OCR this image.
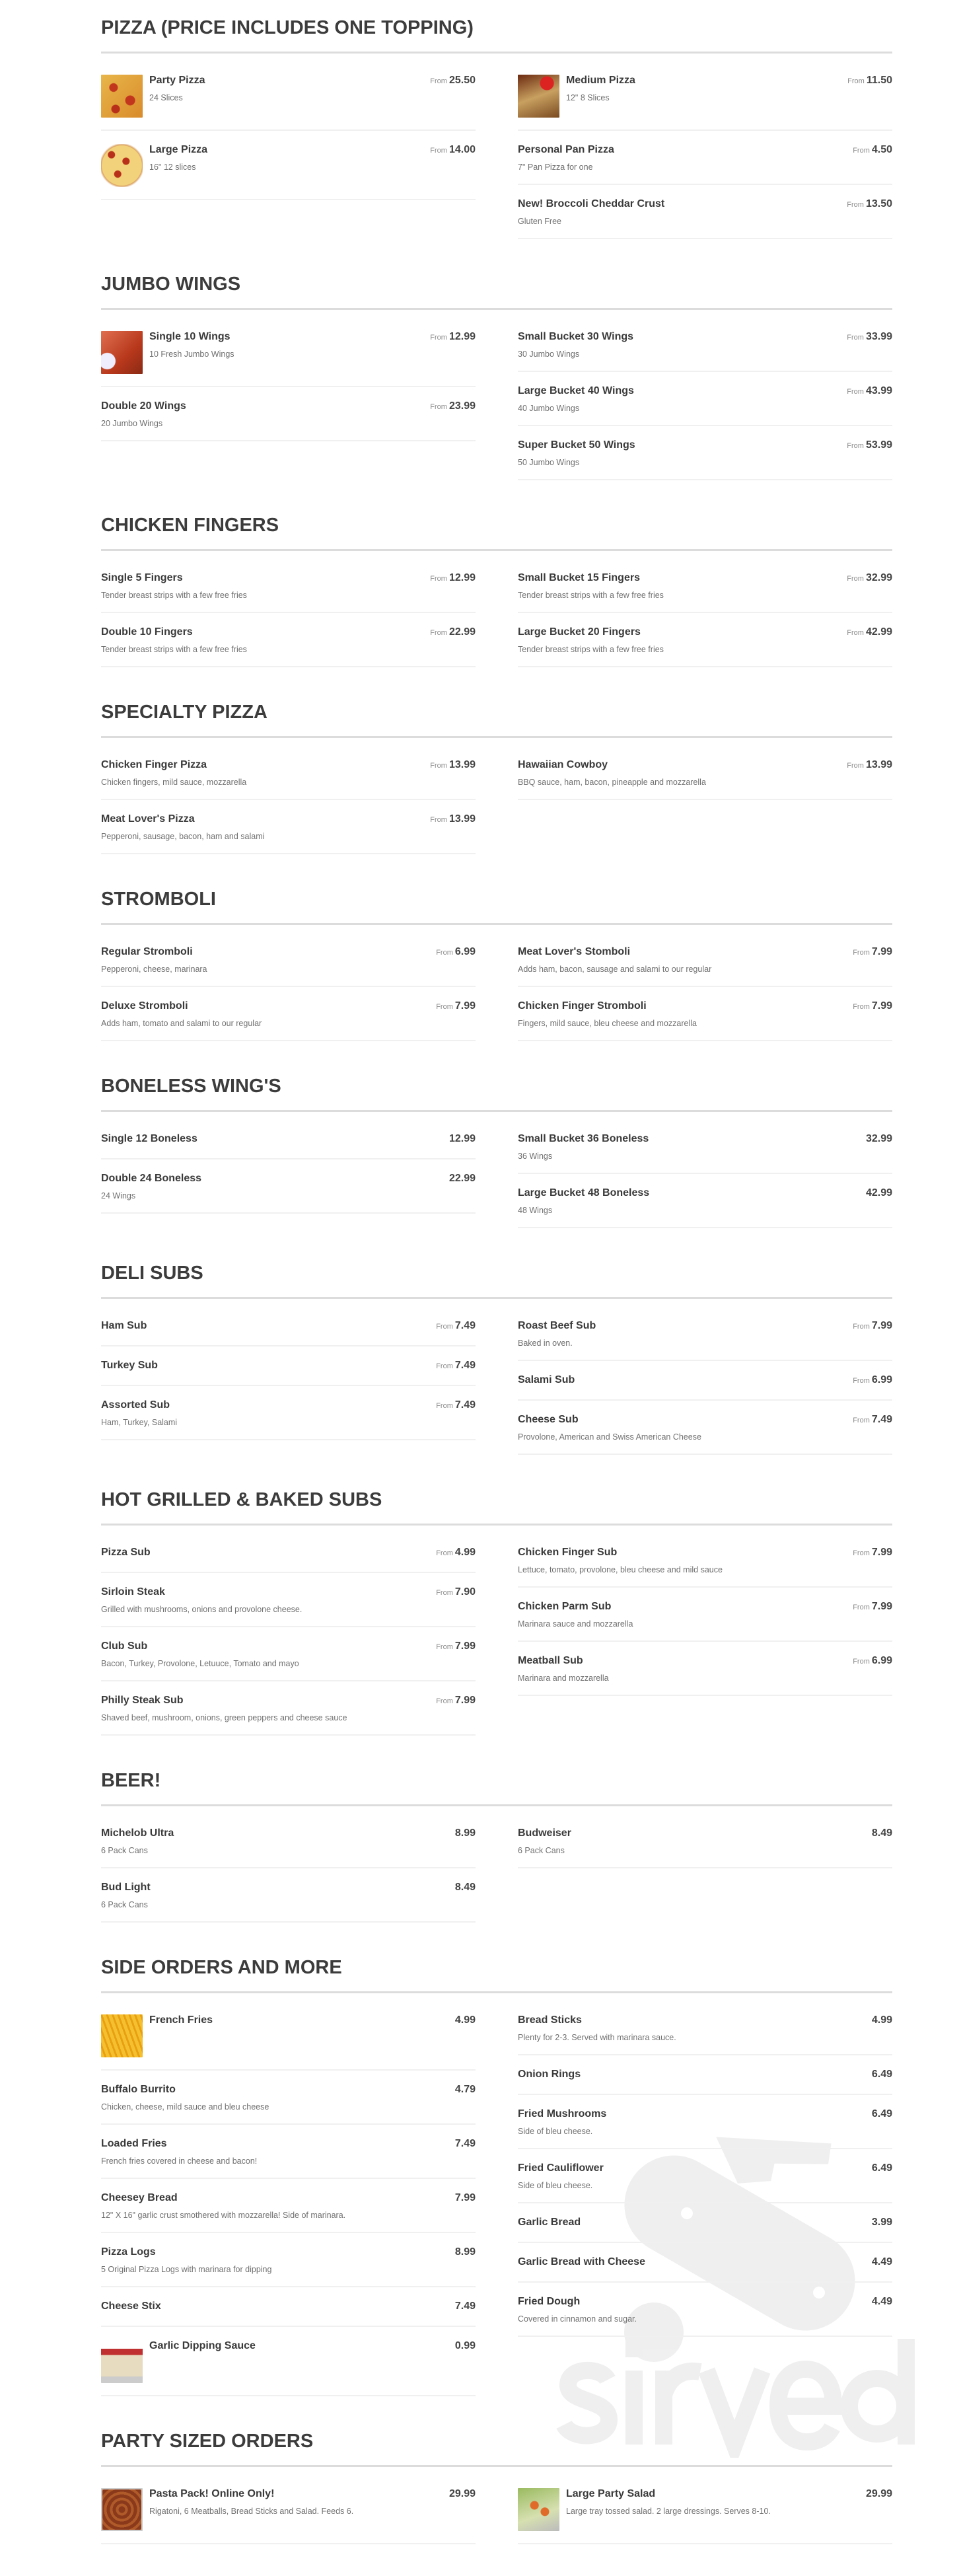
PIZZA (PRICE INCLUDES ONE TOPPING)
Party Pizza	From 25.50
24 Slices
Large Pizza	From 14.00
16" 12 slices
Medium Pizza	From 11.50
12" 8 Slices
Personal Pan Pizza	From 4.50
7" Pan Pizza for one
New! Broccoli Cheddar Crust	From 13.50
Gluten Free
JUMBO WINGS
Single 10 Wings	From 12.99
10 Fresh Jumbo Wings
Double 20 Wings	From 23.99
20 Jumbo Wings
Small Bucket 30 Wings	From 33.99
30 Jumbo Wings
Large Bucket 40 Wings	From 43.99
40 Jumbo Wings
Super Bucket 50 Wings	From 53.99
50 Jumbo Wings
CHICKEN FINGERS
Single 5 Fingers	From 12.99
Tender breast strips with a few free fries
Double 10 Fingers	From 22.99
Tender breast strips with a few free fries
Small Bucket 15 Fingers	From 32.99
Tender breast strips with a few free fries
Large Bucket 20 Fingers	From 42.99
Tender breast strips with a few free fries
SPECIALTY PIZZA
Chicken Finger Pizza	From 13.99
Chicken fingers, mild sauce, mozzarella
Meat Lover's Pizza	From 13.99
Pepperoni, sausage, bacon, ham and salami
Hawaiian Cowboy	From 13.99
BBQ sauce, ham, bacon, pineapple and mozzarella
STROMBOLI
Regular Stromboli	From 6.99
Pepperoni, cheese, marinara
Deluxe Stromboli	From 7.99
Adds ham, tomato and salami to our regular
Meat Lover's Stomboli	From 7.99
Adds ham, bacon, sausage and salami to our regular
Chicken Finger Stromboli	From 7.99
Fingers, mild sauce, bleu cheese and mozzarella
BONELESS WING'S
Single 12 Boneless	12.99
Double 24 Boneless	22.99
24 Wings
Small Bucket 36 Boneless	32.99
36 Wings
Large Bucket 48 Boneless	42.99
48 Wings
DELI SUBS
Ham Sub	From 7.49
Turkey Sub	From 7.49
Assorted Sub	From 7.49
Ham, Turkey, Salami
Roast Beef Sub	From 7.99
Baked in oven.
Salami Sub	From 6.99
Cheese Sub	From 7.49
Provolone, American and Swiss American Cheese
HOT GRILLED & BAKED SUBS
Pizza Sub	From 4.99
Sirloin Steak	From 7.90
Grilled with mushrooms, onions and provolone cheese.
Club Sub	From 7.99
Bacon, Turkey, Provolone, Letuuce, Tomato and mayo
Philly Steak Sub	From 7.99
Shaved beef, mushroom, onions, green peppers and cheese sauce
Chicken Finger Sub	From 7.99
Lettuce, tomato, provolone, bleu cheese and mild sauce
Chicken Parm Sub	From 7.99
Marinara sauce and mozzarella
Meatball Sub	From 6.99
Marinara and mozzarella
BEER!
Michelob Ultra	8.99
6 Pack Cans
Bud Light	8.49
6 Pack Cans
Budweiser	8.49
6 Pack Cans
SIDE ORDERS AND MORE
French Fries	4.99
Buffalo Burrito	4.79
Chicken, cheese, mild sauce and bleu cheese
Loaded Fries	7.49
French fries covered in cheese and bacon!
Cheesey Bread	7.99
12" X 16" garlic crust smothered with mozzarella! Side of marinara.
Pizza Logs	8.99
5 Original Pizza Logs with marinara for dipping
Cheese Stix	7.49
Garlic Dipping Sauce	0.99
Bread Sticks	4.99
Plenty for 2-3. Served with marinara sauce.
Onion Rings	6.49
Fried Mushrooms	6.49
Side of bleu cheese.
Fried Cauliflower	6.49
Side of bleu cheese.
Garlic Bread	3.99
Garlic Bread with Cheese	4.49
Fried Dough	4.49
Covered in cinnamon and sugar.
PARTY SIZED ORDERS
Pasta Pack! Online Only!	29.99
Rigatoni, 6 Meatballs, Bread Sticks and Salad. Feeds 6.
Large Party Salad	29.99
Large tray tossed salad. 2 large dressings. Serves 8-10.
